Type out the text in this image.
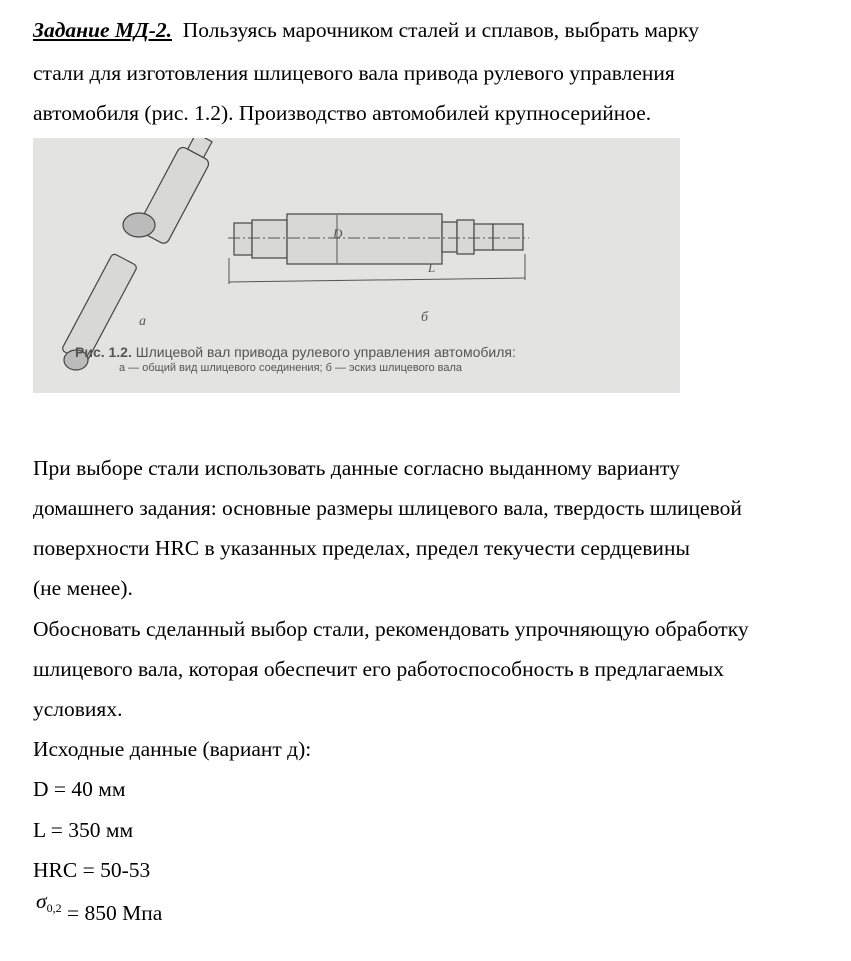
Задание МД-2. Пользуясь марочником сталей и сплавов, выбрать марку
стали для изготовления шлицевого вала привода рулевого управления
автомобиля (рис. 1.2). Производство автомобилей крупносерийное.
D
L
а	б
Рис. 1.2. Шлицевой вал привода рулевого управления автомобиля:
а — общий вид шлицевого соединения; б — эскиз шлицевого вала
При выборе стали использовать данные согласно выданному варианту
домашнего задания: основные размеры шлицевого вала, твердость шлицевой
поверхности HRC в указанных пределах, предел текучести сердцевины
(не менее).
Обосновать сделанный выбор стали, рекомендовать упрочняющую обработку
шлицевого вала, которая обеспечит его работоспособность в предлагаемых
условиях.
Исходные данные (вариант д):
D = 40 мм
L = 350 мм
HRC = 50-53
$\sigma^{0,2} = 850$ Мпа
